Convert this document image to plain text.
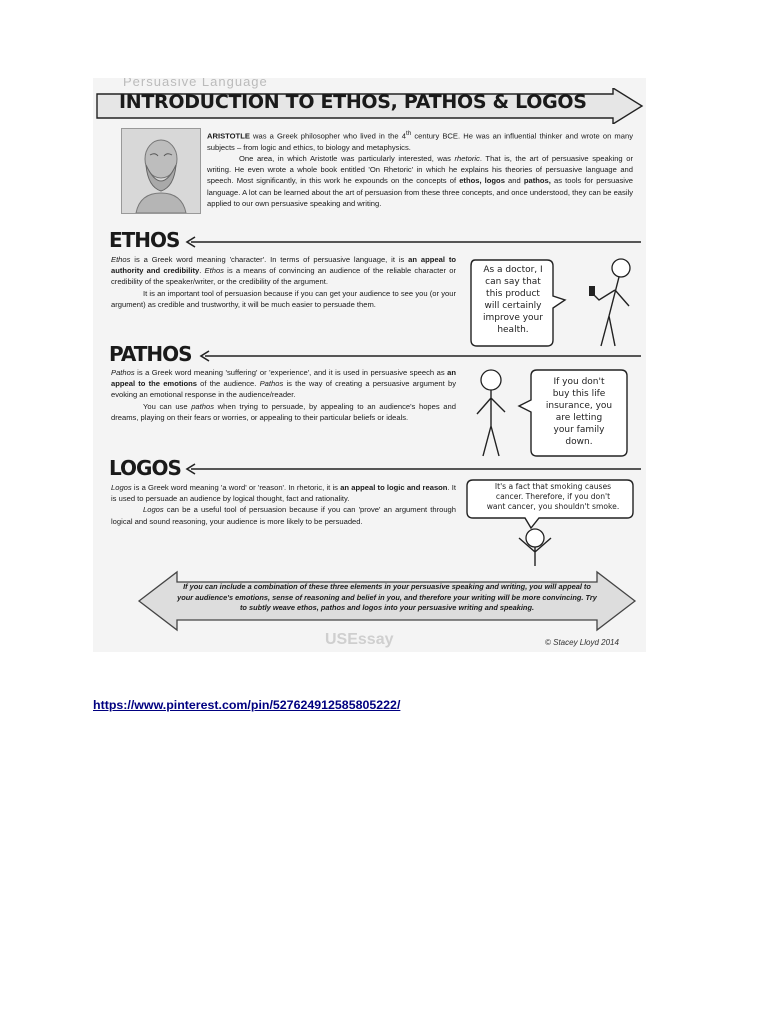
Persuasive Language
INTRODUCTION TO ETHOS, PATHOS & LOGOS
ARISTOTLE was a Greek philosopher who lived in the 4th century BCE. He was an influential thinker and wrote on many subjects – from logic and ethics, to biology and metaphysics.
One area, in which Aristotle was particularly interested, was rhetoric. That is, the art of persuasive speaking or writing. He even wrote a whole book entitled 'On Rhetoric' in which he explains his theories of persuasive language and speech. Most significantly, in this work he expounds on the concepts of ethos, logos and pathos, as tools for persuasive language. A lot can be learned about the art of persuasion from these three concepts, and once understood, they can be easily applied to our own persuasive speaking and writing.
ETHOS
Ethos is a Greek word meaning 'character'. In terms of persuasive language, it is an appeal to authority and credibility. Ethos is a means of convincing an audience of the reliable character or credibility of the speaker/writer, or the credibility of the argument.
It is an important tool of persuasion because if you can get your audience to see you (or your argument) as credible and trustworthy, it will be much easier to persuade them.
As a doctor, I
can say that
this product
will certainly
improve your
health.
PATHOS
Pathos is a Greek word meaning 'suffering' or 'experience', and it is used in persuasive speech as an appeal to the emotions of the audience. Pathos is the way of creating a persuasive argument by evoking an emotional response in the audience/reader.
You can use pathos when trying to persuade, by appealing to an audience's hopes and dreams, playing on their fears or worries, or appealing to their particular beliefs or ideals.
If you don't
buy this life
insurance, you
are letting
your family
down.
LOGOS
Logos is a Greek word meaning 'a word' or 'reason'. In rhetoric, it is an appeal to logic and reason. It is used to persuade an audience by logical thought, fact and rationality.
Logos can be a useful tool of persuasion because if you can 'prove' an argument through logical and sound reasoning, your audience is more likely to be persuaded.
It's a fact that smoking causes
cancer. Therefore, if you don't
want cancer, you shouldn't smoke.
If you can include a combination of these three elements in your persuasive speaking and writing, you will appeal to your audience's emotions, sense of reasoning and belief in you, and therefore your writing will be more convincing. Try to subtly weave ethos, pathos and logos into your persuasive writing and speaking.
USEssay	© Stacey Lloyd 2014
https://www.pinterest.com/pin/527624912585805222/
